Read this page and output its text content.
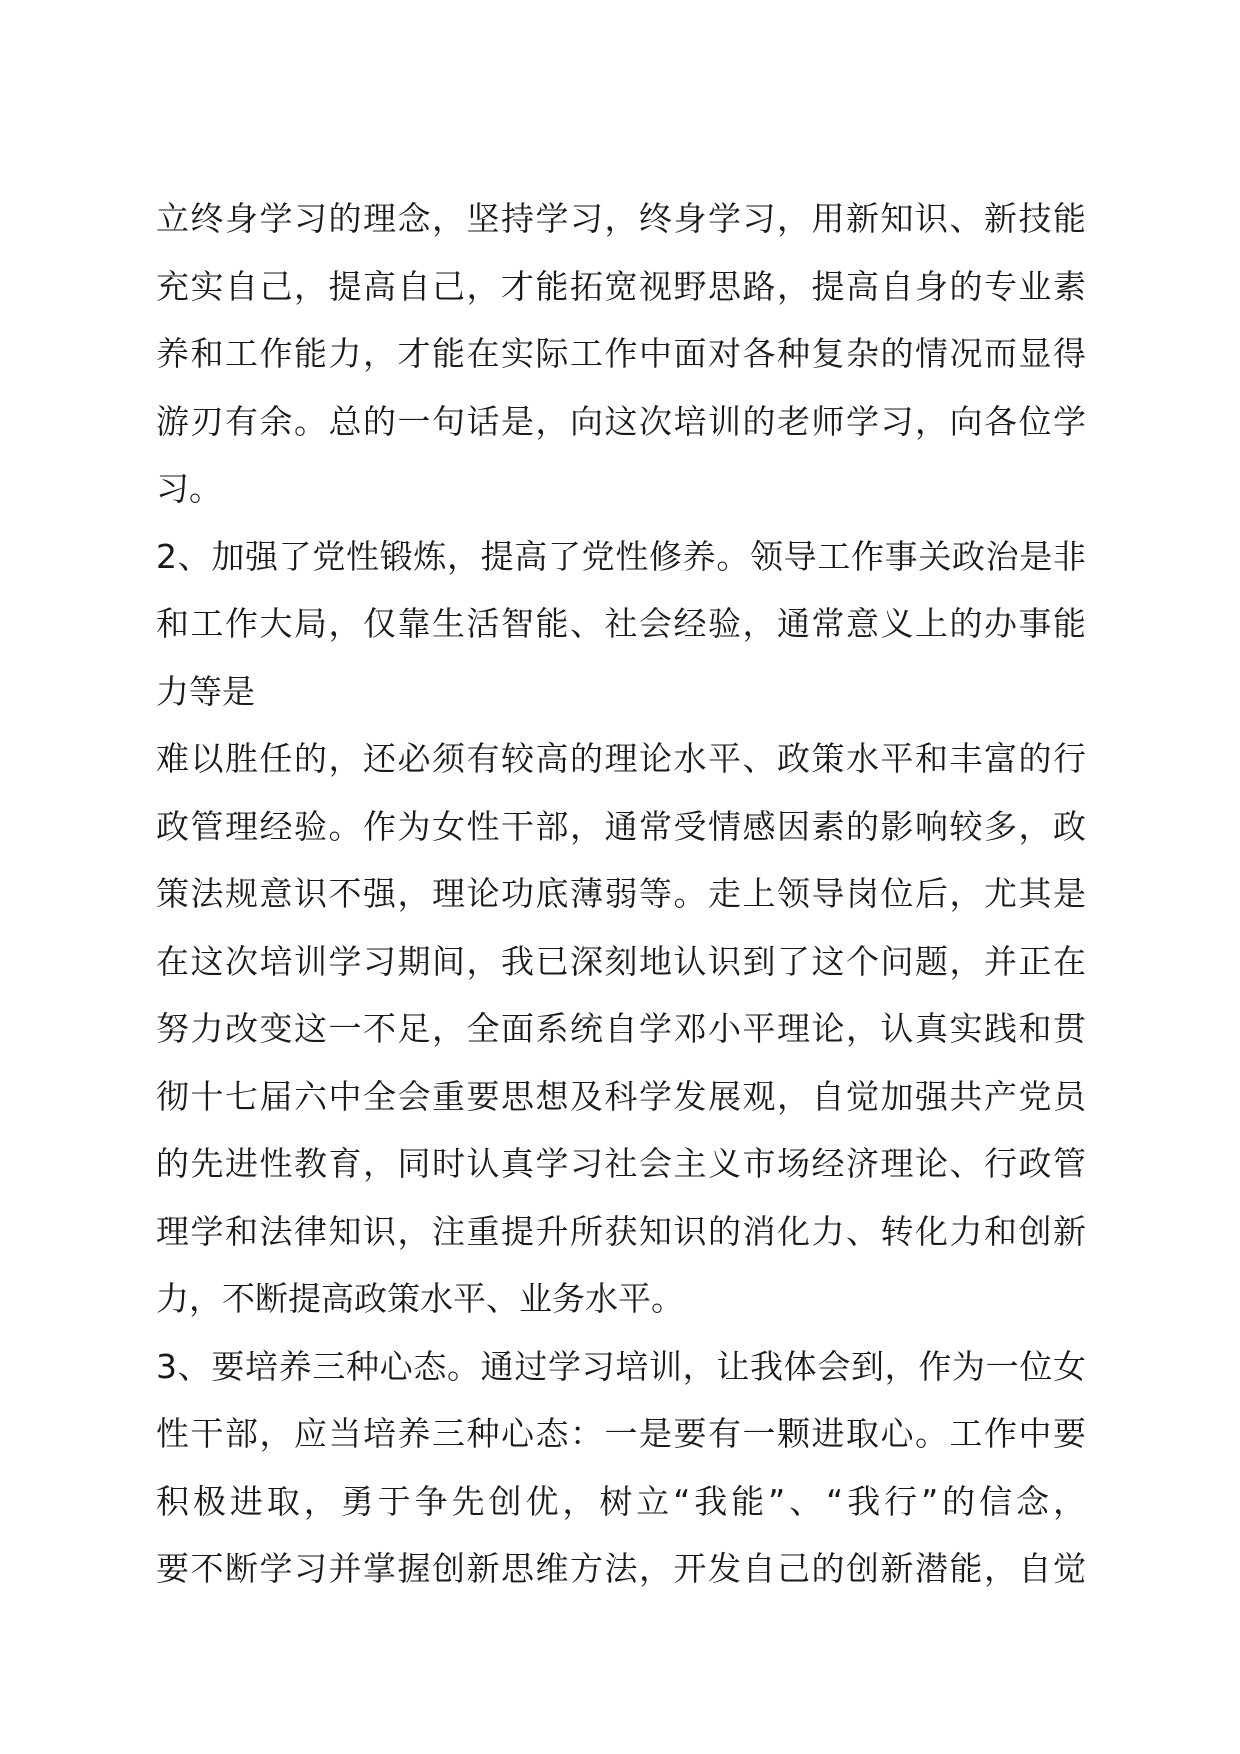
立终身学习的理念，坚持学习，终身学习，用新知识、新技能
充实自己，提高自己，才能拓宽视野思路，提高自身的专业素
养和工作能力，才能在实际工作中面对各种复杂的情况而显得
游刃有余。总的一句话是，向这次培训的老师学习，向各位学
习。
2、加强了党性锻炼，提高了党性修养。领导工作事关政治是非
和工作大局，仅靠生活智能、社会经验，通常意义上的办事能
力等是
难以胜任的，还必须有较高的理论水平、政策水平和丰富的行
政管理经验。作为女性干部，通常受情感因素的影响较多，政
策法规意识不强，理论功底薄弱等。走上领导岗位后，尤其是
在这次培训学习期间，我已深刻地认识到了这个问题，并正在
努力改变这一不足，全面系统自学邓小平理论，认真实践和贯
彻十七届六中全会重要思想及科学发展观，自觉加强共产党员
的先进性教育，同时认真学习社会主义市场经济理论、行政管
理学和法律知识，注重提升所获知识的消化力、转化力和创新
力，不断提高政策水平、业务水平。
3、要培养三种心态。通过学习培训，让我体会到，作为一位女
性干部，应当培养三种心态：一是要有一颗进取心。工作中要
积极进取，勇于争先创优，树立“我能”、“我行”的信念，
要不断学习并掌握创新思维方法，开发自己的创新潜能，自觉
